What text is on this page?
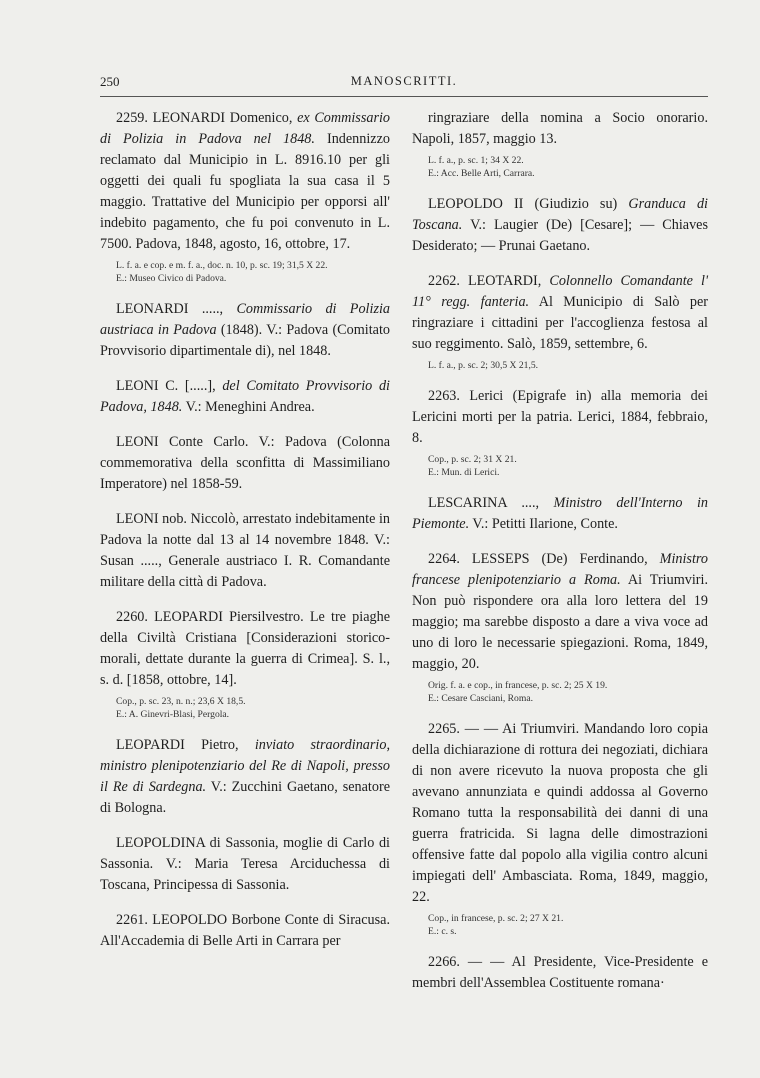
250	MANOSCRITTI.
2259. LEONARDI Domenico, ex Commissario di Polizia in Padova nel 1848. Indennizzo reclamato dal Municipio in L. 8916.10 per gli oggetti dei quali fu spogliata la sua casa il 5 maggio. Trattative del Municipio per opporsi all' indebito pagamento, che fu poi convenuto in L. 7500. Padova, 1848, agosto, 16, ottobre, 17.
L. f. a. e cop. e m. f. a., doc. n. 10, p. sc. 19; 31,5 X 22.
E.: Museo Civico di Padova.
LEONARDI ....., Commissario di Polizia austriaca in Padova (1848). V.: Padova (Comitato Provvisorio dipartimentale di), nel 1848.
LEONI C. [.....], del Comitato Provvisorio di Padova, 1848. V.: Meneghini Andrea.
LEONI Conte Carlo. V.: Padova (Colonna commemorativa della sconfitta di Massimiliano Imperatore) nel 1858-59.
LEONI nob. Niccolò, arrestato indebitamente in Padova la notte dal 13 al 14 novembre 1848. V.: Susan ....., Generale austriaco I. R. Comandante militare della città di Padova.
2260. LEOPARDI Piersilvestro. Le tre piaghe della Civiltà Cristiana [Considerazioni storico-morali, dettate durante la guerra di Crimea]. S. l., s. d. [1858, ottobre, 14].
Cop., p. sc. 23, n. n.; 23,6 X 18,5.
E.: A. Ginevri-Blasi, Pergola.
LEOPARDI Pietro, inviato straordinario, ministro plenipotenziario del Re di Napoli, presso il Re di Sardegna. V.: Zucchini Gaetano, senatore di Bologna.
LEOPOLDINA di Sassonia, moglie di Carlo di Sassonia. V.: Maria Teresa Arciduchessa di Toscana, Principessa di Sassonia.
2261. LEOPOLDO Borbone Conte di Siracusa. All'Accademia di Belle Arti in Carrara per
ringraziare della nomina a Socio onorario. Napoli, 1857, maggio 13.
L. f. a., p. sc. 1; 34 X 22.
E.: Acc. Belle Arti, Carrara.
LEOPOLDO II (Giudizio su) Granduca di Toscana. V.: Laugier (De) [Cesare]; — Chiaves Desiderato; — Prunai Gaetano.
2262. LEOTARDI, Colonnello Comandante l' 11° regg. fanteria. Al Municipio di Salò per ringraziare i cittadini per l'accoglienza festosa al suo reggimento. Salò, 1859, settembre, 6.
L. f. a., p. sc. 2; 30,5 X 21,5.
2263. Lerici (Epigrafe in) alla memoria dei Lericini morti per la patria. Lerici, 1884, febbraio, 8.
Cop., p. sc. 2; 31 X 21.
E.: Mun. di Lerici.
LESCARINA ...., Ministro dell'Interno in Piemonte. V.: Petitti Ilarione, Conte.
2264. LESSEPS (De) Ferdinando, Ministro francese plenipotenziario a Roma. Ai Triumviri. Non può rispondere ora alla loro lettera del 19 maggio; ma sarebbe disposto a dare a viva voce ad uno di loro le necessarie spiegazioni. Roma, 1849, maggio, 20.
Orig. f. a. e cop., in francese, p. sc. 2; 25 X 19.
E.: Cesare Casciani, Roma.
2265. — — Ai Triumviri. Mandando loro copia della dichiarazione di rottura dei negoziati, dichiara di non avere ricevuto la nuova proposta che gli avevano annunziata e quindi addossa al Governo Romano tutta la responsabilità dei danni di una guerra fratricida. Si lagna delle dimostrazioni offensive fatte dal popolo alla vigilia contro alcuni impiegati dell' Ambasciata. Roma, 1849, maggio, 22.
Cop., in francese, p. sc. 2; 27 X 21.
E.: c. s.
2266. — — Al Presidente, Vice-Presidente e membri dell'Assemblea Costituente romana·
